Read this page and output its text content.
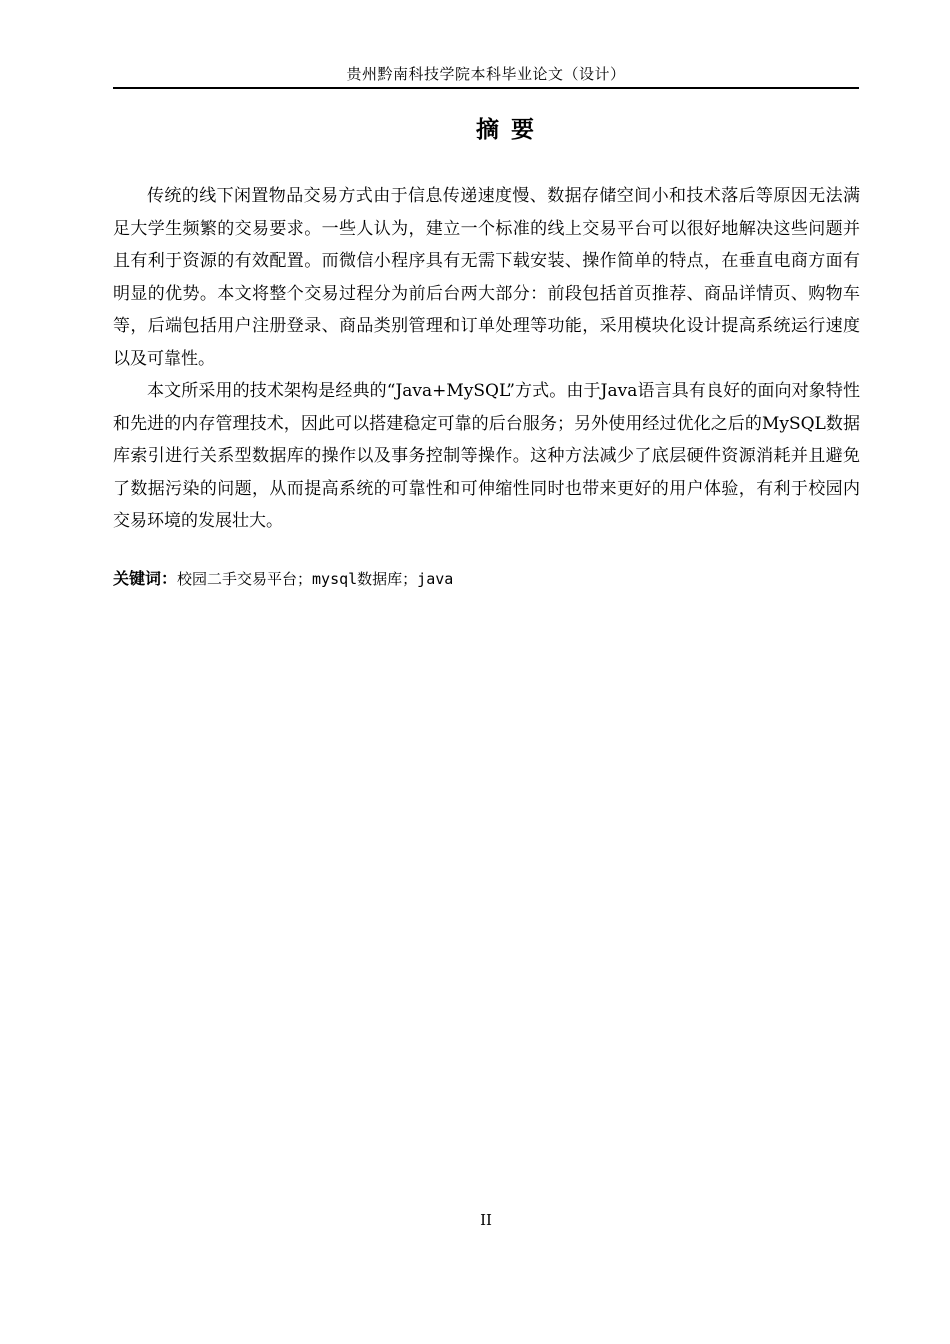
贵州黔南科技学院本科毕业论文（设计）
摘 要

传统的线下闲置物品交易方式由于信息传递速度慢、数据存储空间小和技术落后等原因无法满足大学生频繁的交易要求。一些人认为，建立一个标准的线上交易平台可以很好地解决这些问题并且有利于资源的有效配置。而微信小程序具有无需下载安装、操作简单的特点，在垂直电商方面有明显的优势。本文将整个交易过程分为前后台两大部分：前段包括首页推荐、商品详情页、购物车等，后端包括用户注册登录、商品类别管理和订单处理等功能，采用模块化设计提高系统运行速度以及可靠性。

本文所采用的技术架构是经典的“Java+MySQL”方式。由于Java语言具有良好的面向对象特性和先进的内存管理技术，因此可以搭建稳定可靠的后台服务；另外使用经过优化之后的MySQL数据库索引进行关系型数据库的操作以及事务控制等操作。这种方法减少了底层硬件资源消耗并且避免了数据污染的问题，从而提高系统的可靠性和可伸缩性同时也带来更好的用户体验，有利于校园内交易环境的发展壮大。

关键词：校园二手交易平台；mysql数据库；java
II
